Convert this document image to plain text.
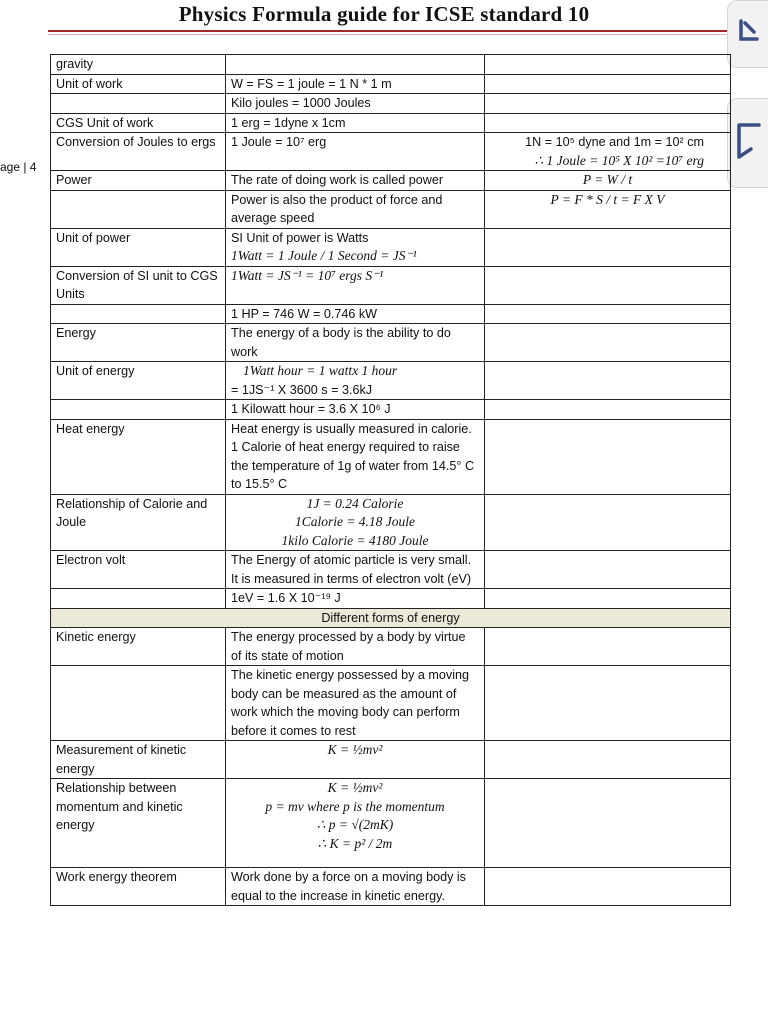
Physics Formula guide for ICSE standard 10
age | 4
gravity		
Unit of work	W = FS = 1 joule = 1 N * 1 m	
	Kilo joules = 1000 Joules	
CGS Unit of work	1 erg = 1dyne x 1cm	
Conversion of Joules to ergs	1 Joule = 10⁷ erg	1N = 10⁵ dyne and 1m = 10² cm
∴ 1 Joule = 10⁵ X 10² =10⁷ erg

Power	The rate of doing work is called power	P = W / t
	Power is also the product of force and average speed	P = F * S / t = F X V
Unit of power	SI Unit of power is Watts
1Watt = 1 Joule / 1 Second = JS⁻¹	

Conversion of SI unit to CGS Units	1Watt = JS⁻¹ = 10⁷ ergs S⁻¹	
	1 HP = 746 W = 0.746 kW	
Energy	The energy of a body is the ability to do work	
Unit of energy	1Watt hour = 1 wattx 1 hour
= 1JS⁻¹ X 3600 s = 3.6kJ	

	1 Kilowatt hour = 3.6 X 10⁶ J	
Heat energy	Heat energy is usually measured in calorie. 1 Calorie of heat energy required to raise the temperature of 1g of water from 14.5° C to 15.5° C	
Relationship of Calorie and Joule	1J = 0.24 Calorie
1Calorie = 4.18 Joule
1kilo Calorie = 4180 Joule	

Electron volt	The Energy of atomic particle is very small. It is measured in terms of electron volt (eV)	
	1eV = 1.6 X 10⁻¹⁹ J	
Different forms of energy		
Kinetic energy	The energy processed by a body by virtue of its state of motion	
	The kinetic energy possessed by a moving body can be measured as the amount of work which the moving body can perform before it comes to rest	
Measurement of kinetic energy	K = ½mv²	
Relationship between momentum and kinetic energy	K = ½mv²
p = mv where p is the momentum
∴ p = √(2mK)
∴ K = p² / 2m	

Work energy theorem	Work done by a force on a moving body is equal to the increase in kinetic energy.	
